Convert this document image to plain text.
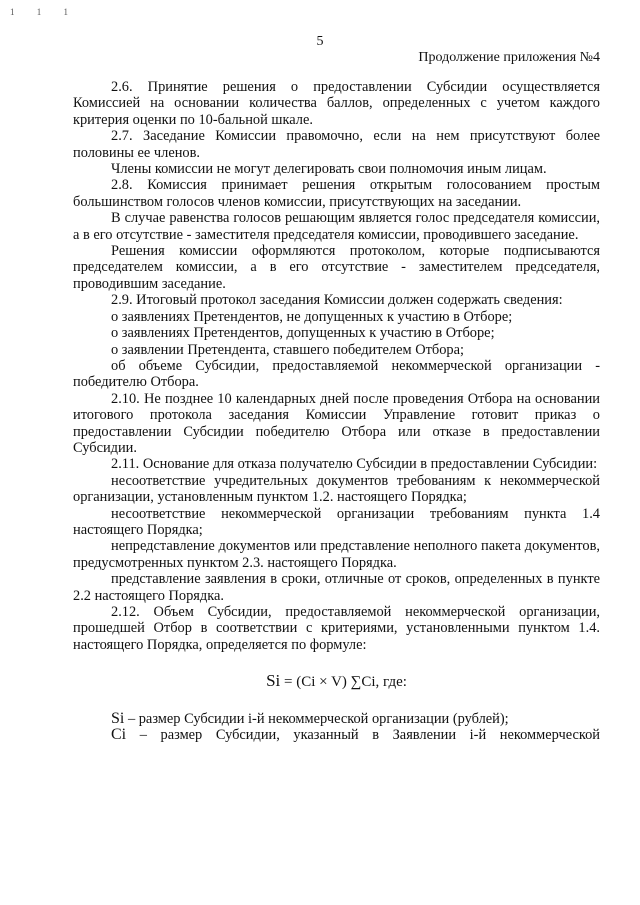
1 1 1
5
Продолжение приложения №4

2.6. Принятие решения о предоставлении Субсидии осуществляется Комиссией на основании количества баллов, определенных с учетом каждого критерия оценки по 10-бальной шкале.

2.7. Заседание Комиссии правомочно, если на нем присутствуют более половины ее членов.

Члены комиссии не могут делегировать свои полномочия иным лицам.

2.8. Комиссия принимает решения открытым голосованием простым большинством голосов членов комиссии, присутствующих на заседании.

В случае равенства голосов решающим является голос председателя комиссии, а в его отсутствие - заместителя председателя комиссии, проводившего заседание.

Решения комиссии оформляются протоколом, которые подписываются председателем комиссии, а в его отсутствие - заместителем председателя, проводившим заседание.

2.9. Итоговый протокол заседания Комиссии должен содержать сведения:

о заявлениях Претендентов, не допущенных к участию в Отборе;

о заявлениях Претендентов, допущенных к участию в Отборе;

о заявлении Претендента, ставшего победителем Отбора;

об объеме Субсидии, предоставляемой некоммерческой организации - победителю Отбора.

2.10. Не позднее 10 календарных дней после проведения Отбора на основании итогового протокола заседания Комиссии Управление готовит приказ о предоставлении Субсидии победителю Отбора или отказе в предоставлении Субсидии.

2.11. Основание для отказа получателю Субсидии в предоставлении Субсидии:

несоответствие учредительных документов требованиям к некоммерческой организации, установленным пунктом 1.2. настоящего Порядка;

несоответствие некоммерческой организации требованиям пункта 1.4 настоящего Порядка;

непредставление документов или представление неполного пакета документов, предусмотренных пунктом 2.3. настоящего Порядка.

представление заявления в сроки, отличные от сроков, определенных в пункте 2.2 настоящего Порядка.

2.12. Объем Субсидии, предоставляемой некоммерческой организации, прошедшей Отбор в соответствии с критериями, установленными пунктом 1.4. настоящего Порядка, определяется по формуле:

Si = (Ci × V) ∑Ci, где:

Si – размер Субсидии i-й некоммерческой организации (рублей);

Ci – размер Субсидии, указанный в Заявлении i-й некоммерческой
